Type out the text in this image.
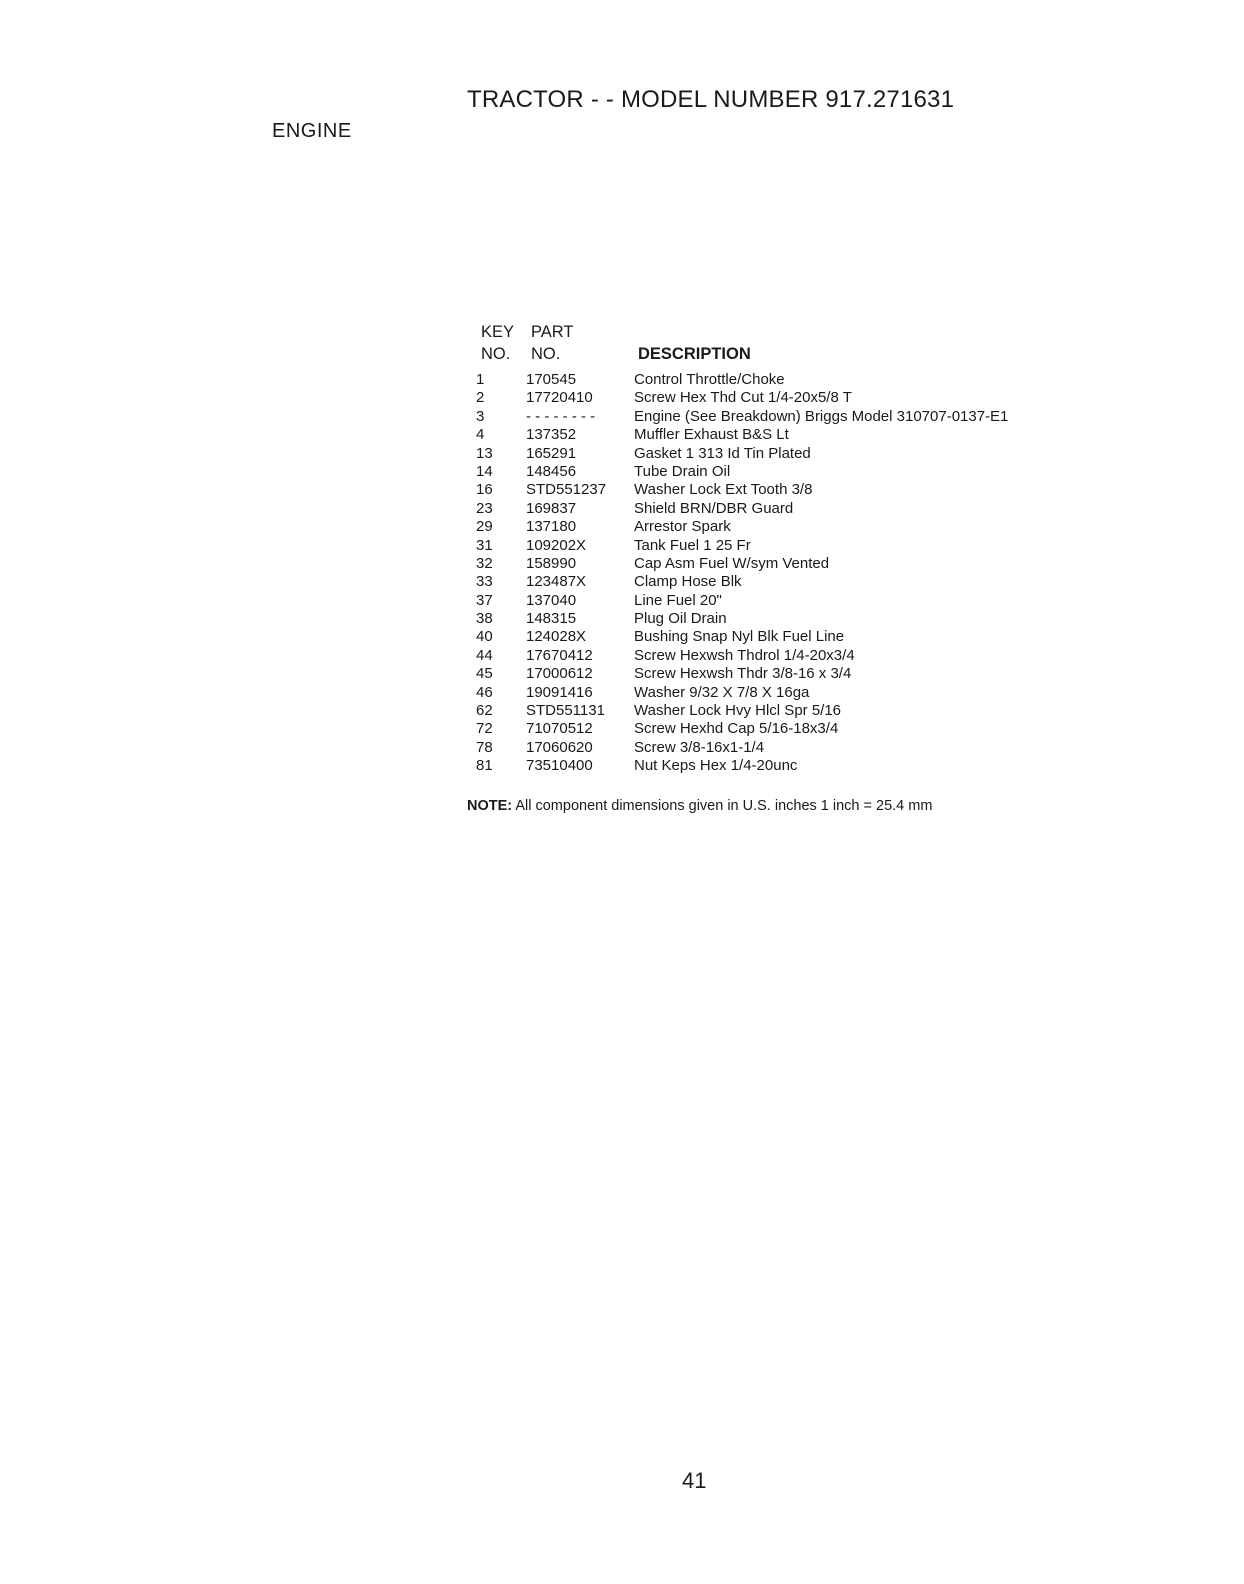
TRACTOR - - MODEL NUMBER 917.271631
ENGINE
KEY PART
NO. NO.	DESCRIPTION
1	170545	Control Throttle/Choke
2	17720410	Screw Hex Thd Cut 1/4-20x5/8 T
3	- - - - - - - -	Engine (See Breakdown) Briggs Model 310707-0137-E1
4	137352	Muffler Exhaust B&S Lt
13 165291	Gasket 1 313 Id Tin Plated
14 148456	Tube Drain Oil
16 STD551237 Washer Lock Ext Tooth 3/8
23 169837	Shield BRN/DBR Guard
29 137180	Arrestor Spark
31 109202X	Tank Fuel 1 25 Fr
32 158990	Cap Asm Fuel W/sym Vented
33 123487X	Clamp Hose Blk
37 137040	Line Fuel 20"
38 148315	Plug Oil Drain
40 124028X	Bushing Snap Nyl Blk Fuel Line
44 17670412	Screw Hexwsh Thdrol 1/4-20x3/4
45 17000612	Screw Hexwsh Thdr 3/8-16 x 3/4
46 19091416	Washer 9/32 X 7/8 X 16ga
62 STD551131 Washer Lock Hvy Hlcl Spr 5/16
72 71070512	Screw Hexhd Cap 5/16-18x3/4
78 17060620	Screw 3/8-16x1-1/4
81 73510400	Nut Keps Hex 1/4-20unc
NOTE: All component dimensions given in U.S. inches 1 inch = 25.4 mm
41
